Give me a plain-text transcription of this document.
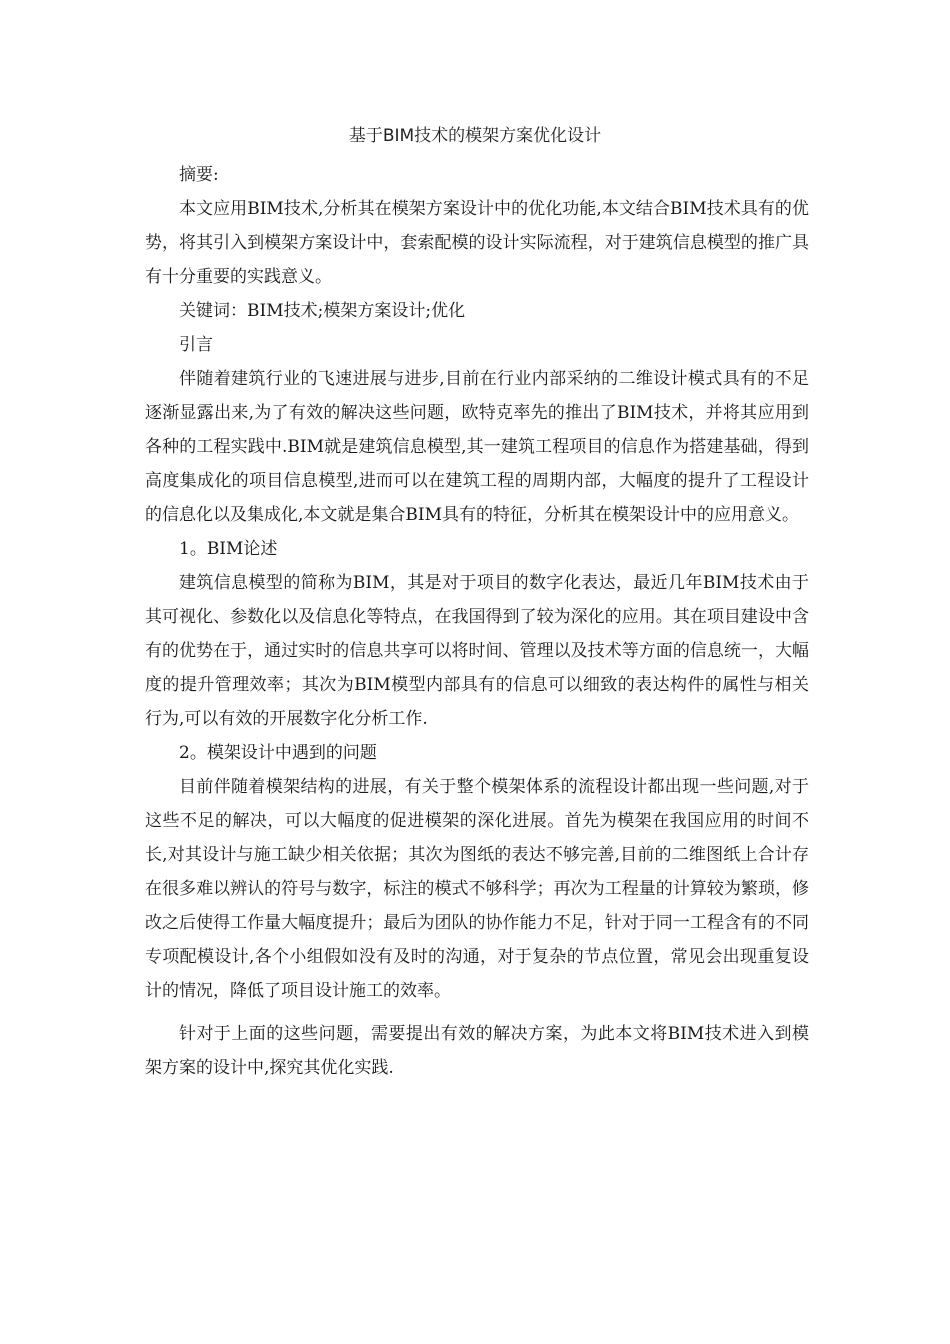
基于BIM技术的模架方案优化设计

摘要:

本文应用BIM技术,分析其在模架方案设计中的优化功能,本文结合BIM技术具有的优势，将其引入到模架方案设计中，套索配模的设计实际流程，对于建筑信息模型的推广具有十分重要的实践意义。

关键词：BIM技术;模架方案设计;优化

引言

伴随着建筑行业的飞速进展与进步,目前在行业内部采纳的二维设计模式具有的不足逐渐显露出来,为了有效的解决这些问题，欧特克率先的推出了BIM技术，并将其应用到各种的工程实践中.BIM就是建筑信息模型,其一建筑工程项目的信息作为搭建基础，得到高度集成化的项目信息模型,进而可以在建筑工程的周期内部，大幅度的提升了工程设计的信息化以及集成化,本文就是集合BIM具有的特征，分析其在模架设计中的应用意义。

1。BIM论述

建筑信息模型的简称为BIM，其是对于项目的数字化表达，最近几年BIM技术由于其可视化、参数化以及信息化等特点，在我国得到了较为深化的应用。其在项目建设中含有的优势在于，通过实时的信息共享可以将时间、管理以及技术等方面的信息统一，大幅度的提升管理效率；其次为BIM模型内部具有的信息可以细致的表达构件的属性与相关行为,可以有效的开展数字化分析工作.

2。模架设计中遇到的问题

目前伴随着模架结构的进展，有关于整个模架体系的流程设计都出现一些问题,对于这些不足的解决，可以大幅度的促进模架的深化进展。首先为模架在我国应用的时间不长,对其设计与施工缺少相关依据；其次为图纸的表达不够完善,目前的二维图纸上合计存在很多难以辨认的符号与数字，标注的模式不够科学；再次为工程量的计算较为繁琐，修改之后使得工作量大幅度提升；最后为团队的协作能力不足，针对于同一工程含有的不同专项配模设计,各个小组假如没有及时的沟通，对于复杂的节点位置，常见会出现重复设计的情况，降低了项目设计施工的效率。

针对于上面的这些问题，需要提出有效的解决方案，为此本文将BIM技术进入到模架方案的设计中,探究其优化实践.
